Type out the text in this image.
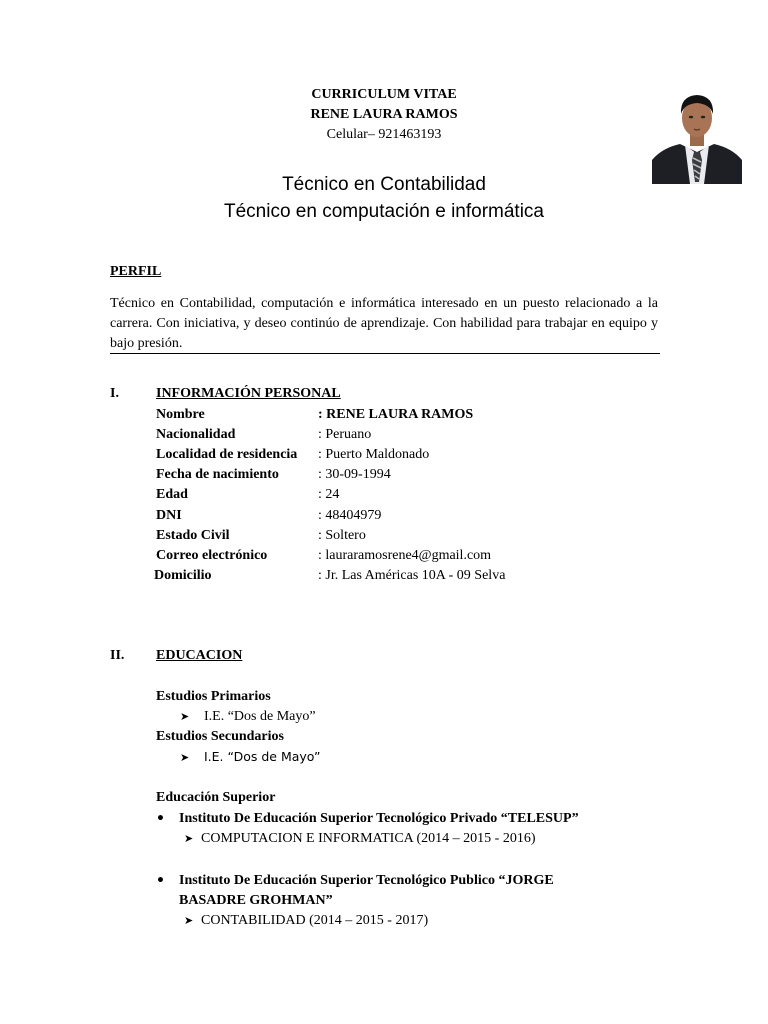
CURRICULUM VITAE
RENE LAURA RAMOS
Celular– 921463193
Técnico en Contabilidad
Técnico en computación e informática
PERFIL
Técnico en Contabilidad, computación e informática interesado en un puesto relacionado a la carrera. Con iniciativa, y deseo continúo de aprendizaje. Con habilidad para trabajar en equipo y bajo presión.
I.	INFORMACIÓN PERSONAL
Nombre	: RENE LAURA RAMOS
Nacionalidad	: Peruano
Localidad de residencia : Puerto Maldonado
Fecha de nacimiento	: 30-09-1994
Edad	: 24
DNI	: 48404979
Estado Civil	: Soltero
Correo electrónico	: lauraramosrene4@gmail.com
Domicilio	: Jr. Las Américas 10A - 09 Selva
II. EDUCACION
Estudios Primarios
➤ I.E. “Dos de Mayo”
Estudios Secundarios
➤ I.E. “Dos de Mayo”
Educación Superior
• Instituto De Educación Superior Tecnológico Privado “TELESUP”
➤ COMPUTACION E INFORMATICA (2014 – 2015 - 2016)
• Instituto De Educación Superior Tecnológico Publico “JORGE BASADRE GROHMAN”
➤ CONTABILIDAD (2014 – 2015 - 2017)
